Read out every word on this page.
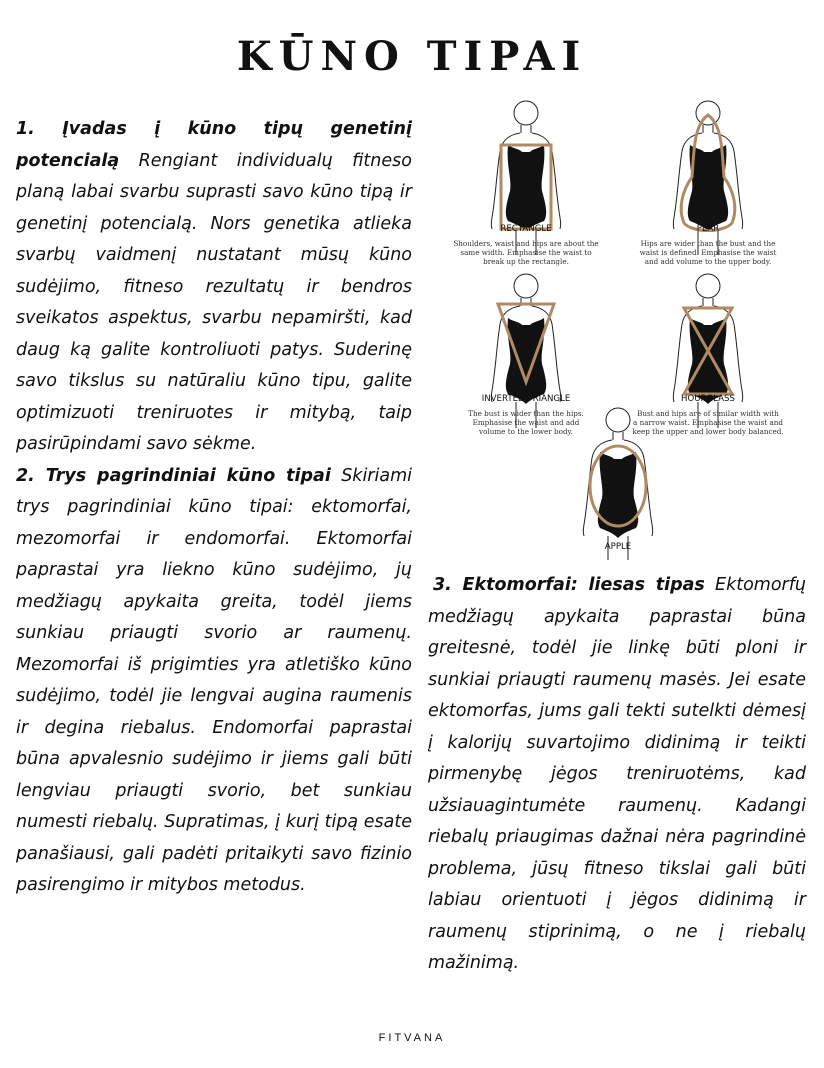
KŪNO TIPAI

1. Įvadas į kūno tipų genetinį potencialą Rengiant individualų fitneso planą labai svarbu suprasti savo kūno tipą ir genetinį potencialą. Nors genetika atlieka svarbų vaidmenį nustatant mūsų kūno sudėjimo, fitneso rezultatų ir bendros sveikatos aspektus, svarbu nepamiršti, kad daug ką galite kontroliuoti patys. Suderinę savo tikslus su natūraliu kūno tipu, galite optimizuoti treniruotes ir mitybą, taip pasirūpindami savo sėkme.

2. Trys pagrindiniai kūno tipai Skiriami trys pagrindiniai kūno tipai: ektomorfai, mezomorfai ir endomorfai. Ektomorfai paprastai yra liekno kūno sudėjimo, jų medžiagų apykaita greita, todėl jiems sunkiau priaugti svorio ar raumenų. Mezomorfai iš prigimties yra atletiško kūno sudėjimo, todėl jie lengvai augina raumenis ir degina riebalus. Endomorfai paprastai būna apvalesnio sudėjimo ir jiems gali būti lengviau priaugti svorio, bet sunkiau numesti riebalų. Supratimas, į kurį tipą esate panašiausi, gali padėti pritaikyti savo fizinio pasirengimo ir mitybos metodus.

RECTANGLE
Shoulders, waist and hips are about the
same width. Emphasise the waist to
break up the rectangle.
PEAR
Hips are wider than the bust and the
waist is defined. Emphasise the waist
and add volume to the upper body.
INVERTED TRIANGLE
The bust is wider than the hips.
Emphasise the waist and add
volume to the lower body.
HOURGLASS
Bust and hips are of similar width with
a narrow waist. Emphasise the waist and
keep the upper and lower body balanced.
APPLE

3. Ektomorfai: liesas tipas Ektomorfų medžiagų apykaita paprastai būna greitesnė, todėl jie linkę būti ploni ir sunkiai priaugti raumenų masės. Jei esate ektomorfas, jums gali tekti sutelkti dėmesį į kalorijų suvartojimo didinimą ir teikti pirmenybę jėgos treniruotėms, kad užsiauagintumėte raumenų. Kadangi riebalų priaugimas dažnai nėra pagrindinė problema, jūsų fitneso tikslai gali būti labiau orientuoti į jėgos didinimą ir raumenų stiprinimą, o ne į riebalų mažinimą.

FITVANA
